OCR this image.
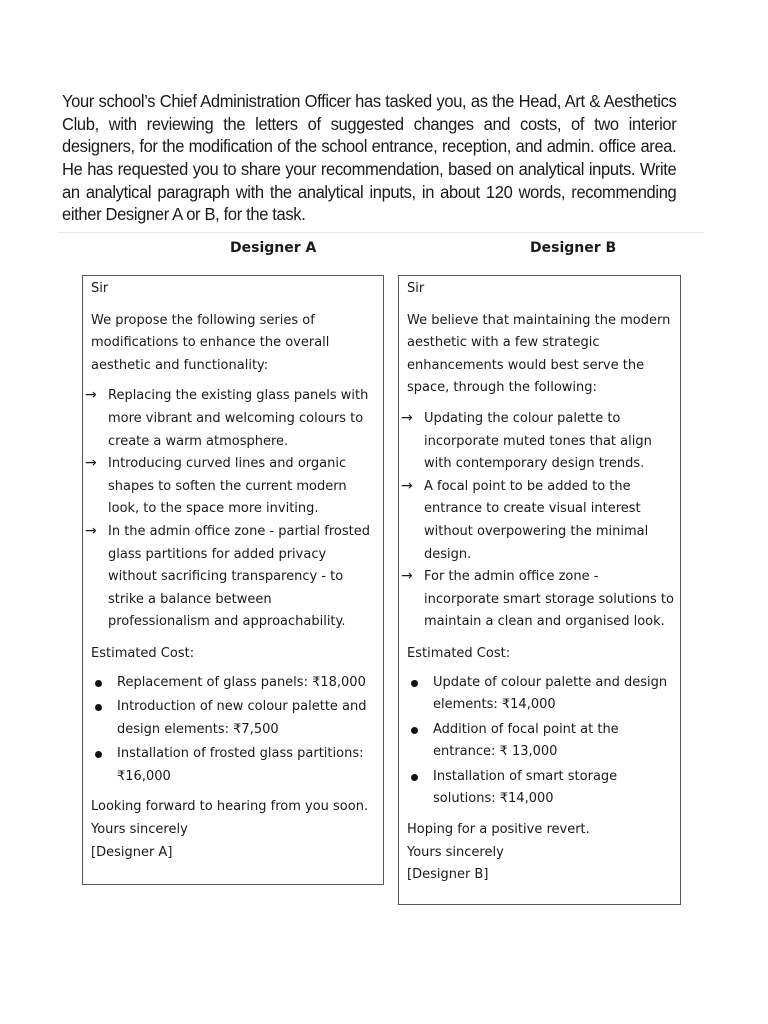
Your school’s Chief Administration Officer has tasked you, as the Head, Art & Aesthetics Club, with reviewing the letters of suggested changes and costs, of two interior designers, for the modification of the school entrance, reception, and admin. office area. He has requested you to share your recommendation, based on analytical inputs. Write an analytical paragraph with the analytical inputs, in about 120 words, recommending either Designer A or B, for the task.

Designer A	Designer B

Sir

We propose the following series of modifications to enhance the overall aesthetic and functionality:

→ Replacing the existing glass panels with more vibrant and welcoming colours to create a warm atmosphere.
→ Introducing curved lines and organic shapes to soften the current modern look, to the space more inviting.
→ In the admin office zone - partial frosted glass partitions for added privacy without sacrificing transparency - to strike a balance between professionalism and approachability.

Estimated Cost:

Replacement of glass panels: ₹18,000
Introduction of new colour palette and design elements: ₹7,500
Installation of frosted glass partitions: ₹16,000

Looking forward to hearing from you soon.

Yours sincerely

[Designer A]

Sir

We believe that maintaining the modern aesthetic with a few strategic enhancements would best serve the space, through the following:

→ Updating the colour palette to incorporate muted tones that align with contemporary design trends.
→ A focal point to be added to the entrance to create visual interest without overpowering the minimal design.
→ For the admin office zone - incorporate smart storage solutions to maintain a clean and organised look.

Estimated Cost:

Update of colour palette and design elements: ₹14,000
Addition of focal point at the entrance: ₹ 13,000
Installation of smart storage solutions: ₹14,000

Hoping for a positive revert.

Yours sincerely

[Designer B]
